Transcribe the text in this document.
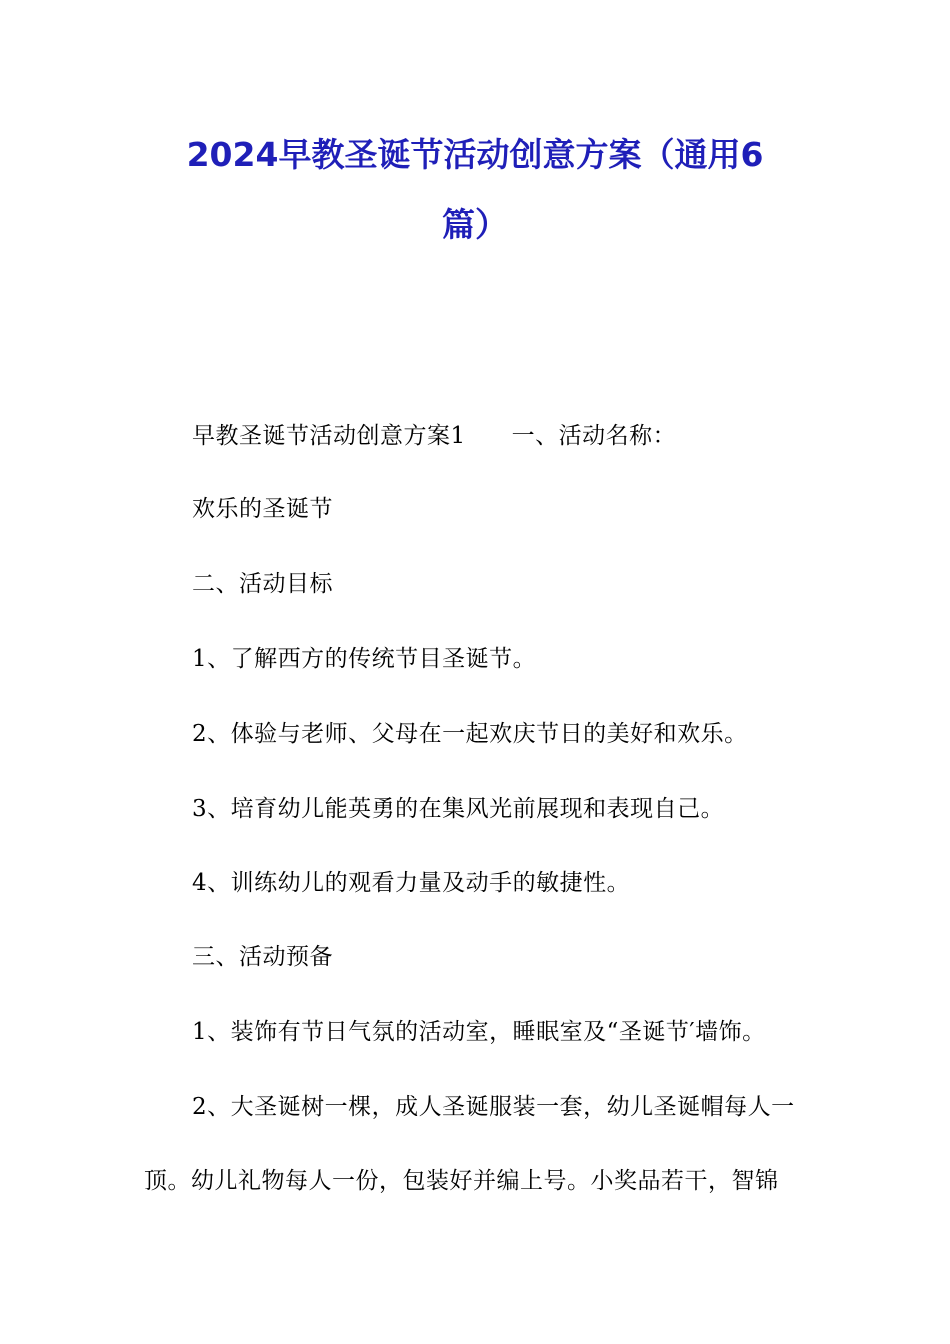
2024早教圣诞节活动创意方案（通用6
篇）
早教圣诞节活动创意方案1 一、活动名称：
欢乐的圣诞节
二、活动目标
1、了解西方的传统节目圣诞节。
2、体验与老师、父母在一起欢庆节日的美好和欢乐。
3、培育幼儿能英勇的在集风光前展现和表现自己。
4、训练幼儿的观看力量及动手的敏捷性。
三、活动预备
1、装饰有节日气氛的活动室，睡眠室及“圣诞节′墙饰。
2、大圣诞树一棵，成人圣诞服装一套，幼儿圣诞帽每人一
顶。幼儿礼物每人一份，包装好并编上号。小奖品若干，智锦
